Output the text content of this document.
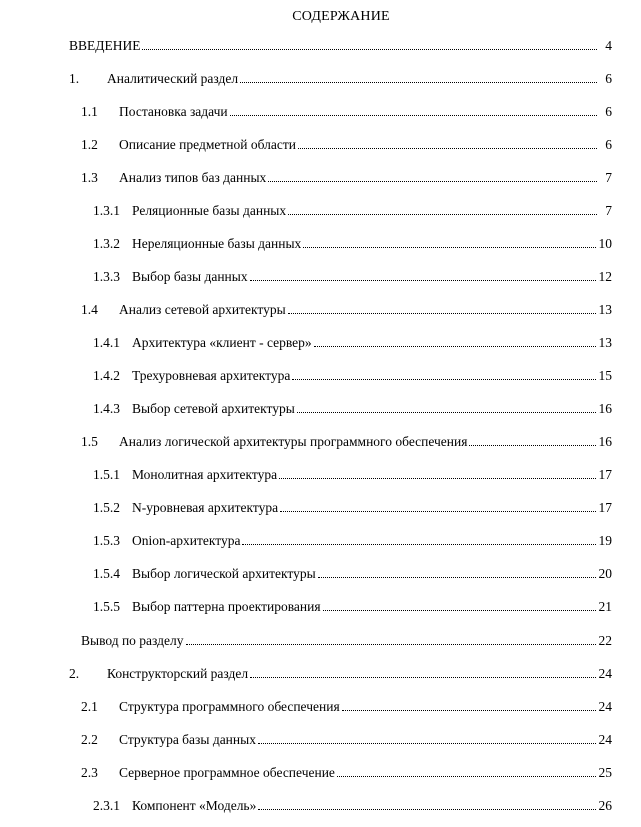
СОДЕРЖАНИЕ
ВВЕДЕНИЕ	4
1.	Аналитический раздел	6
1.1	Постановка задачи	6
1.2	Описание предметной области	6
1.3	Анализ типов баз данных	7
1.3.1 Реляционные базы данных	7
1.3.2 Нереляционные базы данных	10
1.3.3 Выбор базы данных	12
1.4	Анализ сетевой архитектуры	13
1.4.1 Архитектура «клиент - сервер»	13
1.4.2 Трехуровневая архитектура	15
1.4.3 Выбор сетевой архитектуры	16
1.5	Анализ логической архитектуры программного обеспечения	16
1.5.1 Монолитная архитектура	17
1.5.2 N-уровневая архитектура	17
1.5.3 Onion-архитектура	19
1.5.4 Выбор логической архитектуры	20
1.5.5 Выбор паттерна проектирования	21
Вывод по разделу	22
2.	Конструкторский раздел	24
2.1	Структура программного обеспечения	24
2.2	Структура базы данных	24
2.3	Серверное программное обеспечение	25
2.3.1 Компонент «Модель»	26
